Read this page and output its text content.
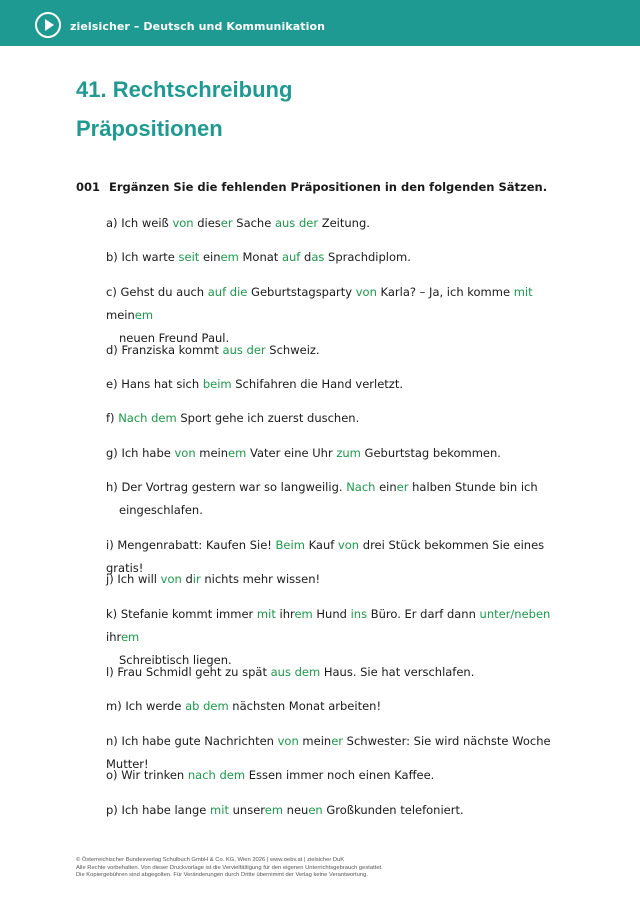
zielsicher – Deutsch und Kommunikation
41. Rechtschreibung
Präpositionen
001 Ergänzen Sie die fehlenden Präpositionen in den folgenden Sätzen.
a) Ich weiß von dieser Sache aus der Zeitung.
b) Ich warte seit einem Monat auf das Sprachdiplom.
c) Gehst du auch auf die Geburtstagsparty von Karla? – Ja, ich komme mit meinem
neuen Freund Paul.
d) Franziska kommt aus der Schweiz.
e) Hans hat sich beim Schifahren die Hand verletzt.
f) Nach dem Sport gehe ich zuerst duschen.
g) Ich habe von meinem Vater eine Uhr zum Geburtstag bekommen.
h) Der Vortrag gestern war so langweilig. Nach einer halben Stunde bin ich
eingeschlafen.
i) Mengenrabatt: Kaufen Sie! Beim Kauf von drei Stück bekommen Sie eines gratis!
j) Ich will von dir nichts mehr wissen!
k) Stefanie kommt immer mit ihrem Hund ins Büro. Er darf dann unter/neben ihrem
Schreibtisch liegen.
l) Frau Schmidl geht zu spät aus dem Haus. Sie hat verschlafen.
m) Ich werde ab dem nächsten Monat arbeiten!
n) Ich habe gute Nachrichten von meiner Schwester: Sie wird nächste Woche Mutter!
o) Wir trinken nach dem Essen immer noch einen Kaffee.
p) Ich habe lange mit unserem neuen Großkunden telefoniert.
© Österreichischer Bundesverlag Schulbuch GmbH & Co. KG, Wien 2026 | www.oebv.at | zielsicher DuK
Alle Rechte vorbehalten. Von dieser Druckvorlage ist die Vervielfältigung für den eigenen Unterrichtsgebrauch gestattet.
Die Kopiergebühren sind abgegolten. Für Veränderungen durch Dritte übernimmt der Verlag keine Verantwortung.
